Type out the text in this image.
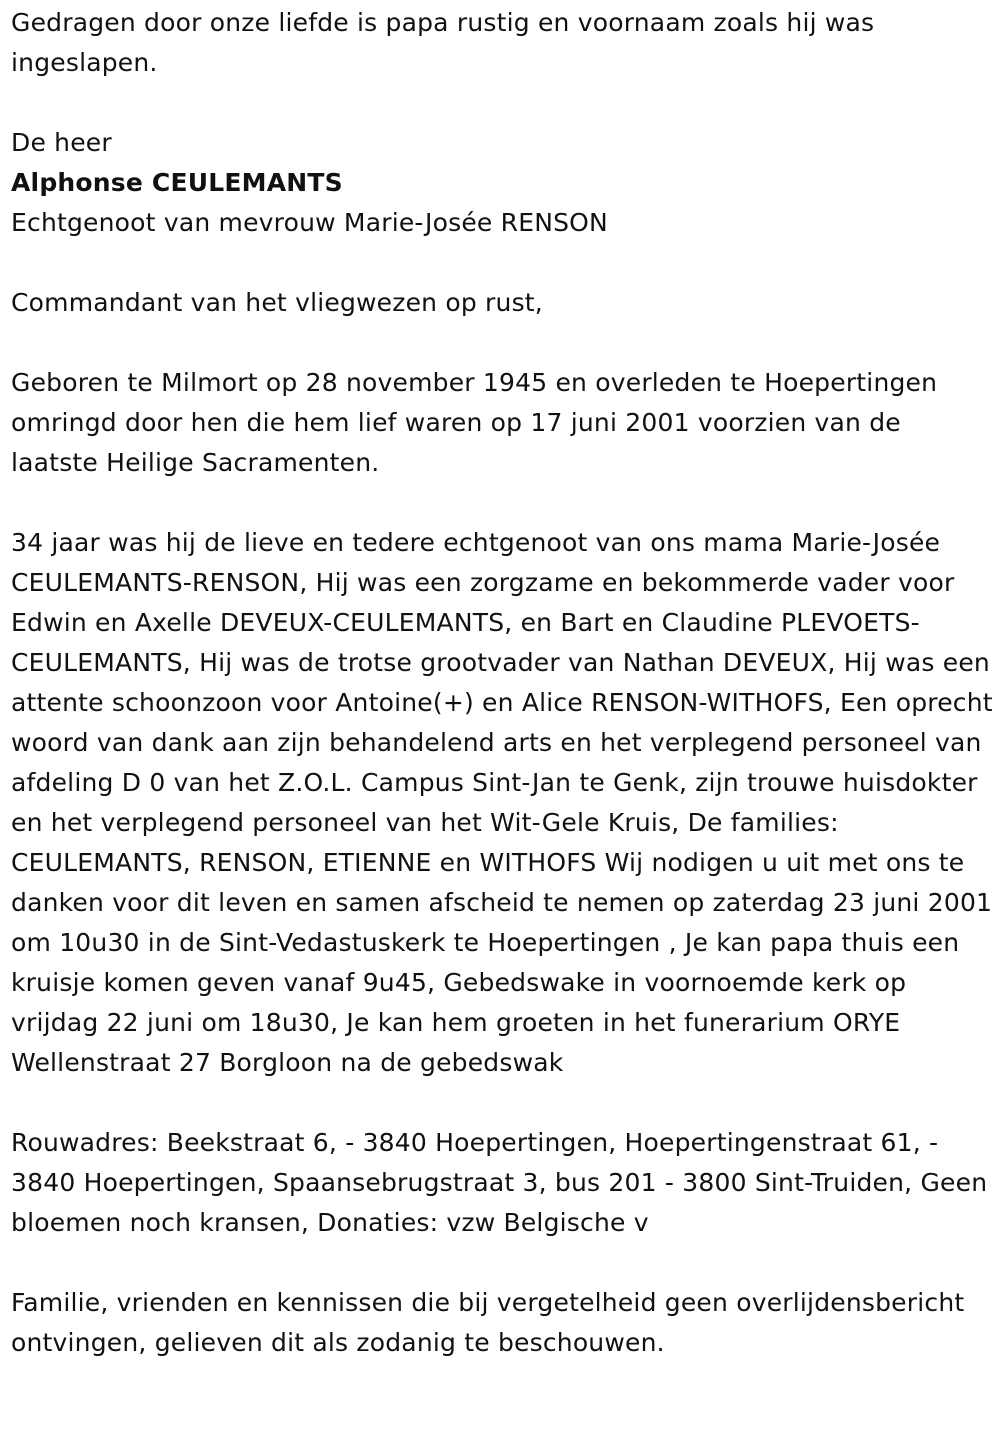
Gedragen door onze liefde is papa rustig en voornaam zoals hij was ingeslapen.

De heer

Alphonse CEULEMANTS

Echtgenoot van mevrouw Marie-Josée RENSON

Commandant van het vliegwezen op rust,

Geboren te Milmort op 28 november 1945 en overleden te Hoepertingen omringd door hen die hem lief waren op 17 juni 2001 voorzien van de laatste Heilige Sacramenten.

34 jaar was hij de lieve en tedere echtgenoot van ons mama Marie-Josée CEULEMANTS-RENSON, Hij was een zorgzame en bekommerde vader voor Edwin en Axelle DEVEUX-CEULEMANTS, en Bart en Claudine PLEVOETS-CEULEMANTS, Hij was de trotse grootvader van Nathan DEVEUX, Hij was een attente schoonzoon voor Antoine(+) en Alice RENSON-WITHOFS, Een oprecht woord van dank aan zijn behandelend arts en het verplegend personeel van afdeling D 0 van het Z.O.L. Campus Sint-Jan te Genk, zijn trouwe huisdokter en het verplegend personeel van het Wit-Gele Kruis, De families: CEULEMANTS, RENSON, ETIENNE en WITHOFS Wij nodigen u uit met ons te danken voor dit leven en samen afscheid te nemen op zaterdag 23 juni 2001 om 10u30 in de Sint-Vedastuskerk te Hoepertingen , Je kan papa thuis een kruisje komen geven vanaf 9u45, Gebedswake in voornoemde kerk op vrijdag 22 juni om 18u30, Je kan hem groeten in het funerarium ORYE Wellenstraat 27 Borgloon na de gebedswak

Rouwadres: Beekstraat 6, - 3840 Hoepertingen, Hoepertingenstraat 61, - 3840 Hoepertingen, Spaansebrugstraat 3, bus 201 - 3800 Sint-Truiden, Geen bloemen noch kransen, Donaties: vzw Belgische v

Familie, vrienden en kennissen die bij vergetelheid geen overlijdensbericht ontvingen, gelieven dit als zodanig te beschouwen.
